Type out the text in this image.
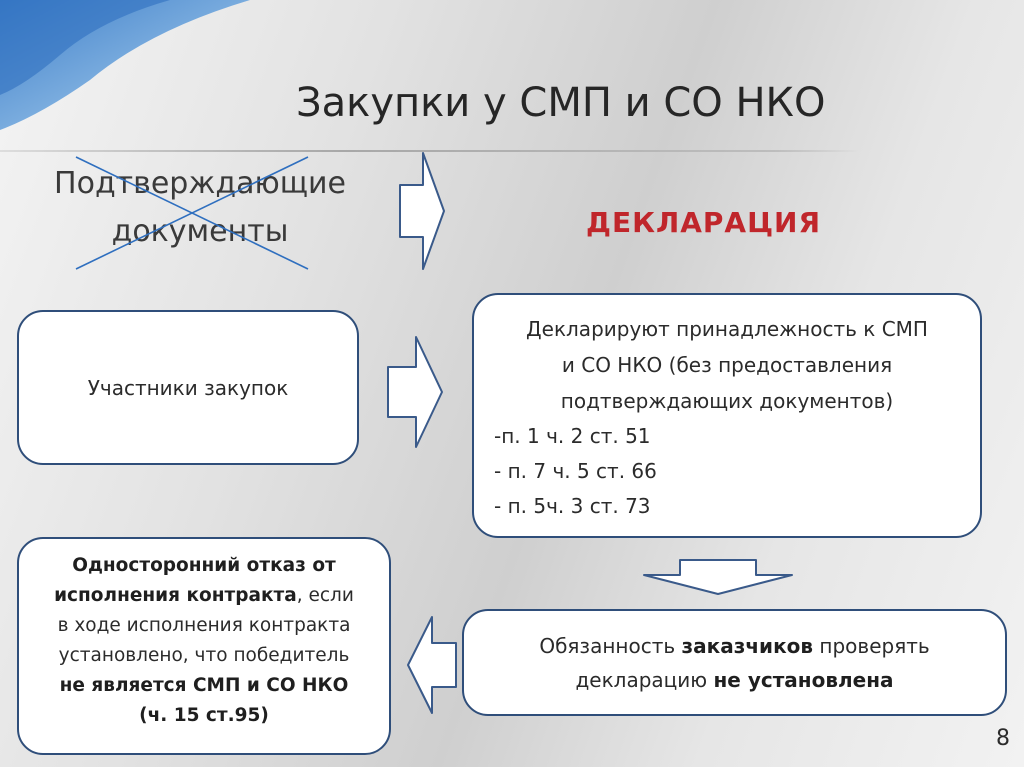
Закупки у СМП и СО НКО
Подтверждающие
документы	ДЕКЛАРАЦИЯ
Участники закупок
Декларируют принадлежность к СМП
и СО НКО (без предоставления
подтверждающих документов)
-п. 1 ч. 2 ст. 51
- п. 7 ч. 5 ст. 66
- п. 5ч. 3 ст. 73
Односторонний отказ от
исполнения контракта, если
в ходе исполнения контракта
установлено, что победитель
не является СМП и СО НКО
(ч. 15 ст.95)
Обязанность заказчиков проверять
декларацию не установлена
8
